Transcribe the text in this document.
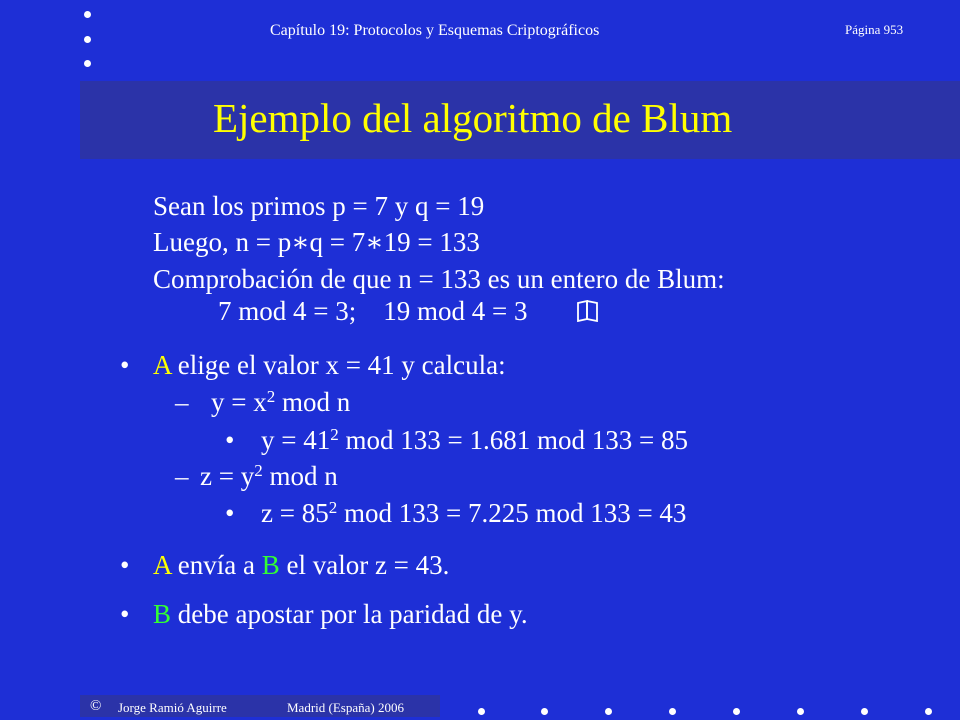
Capítulo 19: Protocolos y Esquemas Criptográficos	Página 953
Ejemplo del algoritmo de Blum
Sean los primos p = 7 y q = 19
Luego, n = p∗q = 7∗19 = 133
Comprobación de que n = 133 es un entero de Blum:
7 mod 4 = 3;    19 mod 4 = 3
• A elige el valor x = 41 y calcula:
– $y = x^2$ mod n
• $y = 41^2$ mod 133 = 1.681 mod 133 = 85
– $z = y^2$ mod n
• $z = 85^2$ mod 133 = 7.225 mod 133 = 43
• A envía a B el valor z = 43.
• B debe apostar por la paridad de y.
© Jorge Ramió Aguirre	Madrid (España) 2006
